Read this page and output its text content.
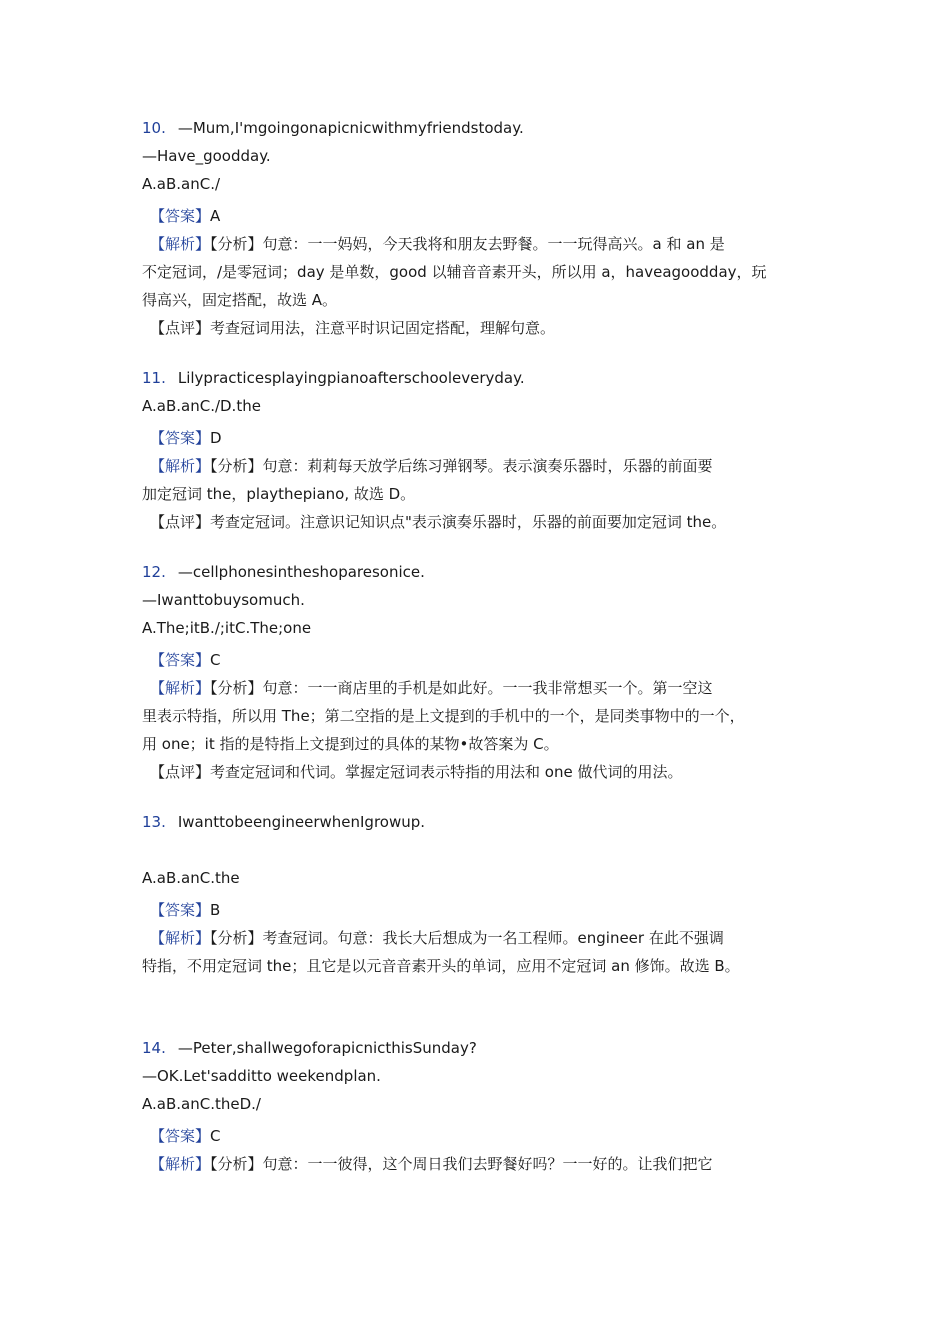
10. —Mum,I'mgoingonapicnicwithmyfriendstoday.
—Have_goodday.
A.aB.anC./
【答案】A
【解析】【分析】句意：一一妈妈，今天我将和朋友去野餐。一一玩得高兴。a 和 an 是
不定冠词，/是零冠词；day 是单数，good 以辅音音素开头，所以用 a，haveagoodday，玩
得高兴，固定搭配，故选 A。
【点评】考查冠词用法，注意平时识记固定搭配，理解句意。
11. Lilypracticesplayingpianoafterschooleveryday.
A.aB.anC./D.the
【答案】D
【解析】【分析】句意：莉莉每天放学后练习弹钢琴。表示演奏乐器时，乐器的前面要
加定冠词 the，playthepiano, 故选 D。
【点评】考查定冠词。注意识记知识点"表示演奏乐器时，乐器的前面要加定冠词 the。
12. —cellphonesintheshoparesonice.
—Iwanttobuysomuch.
A.The;itB./;itC.The;one
【答案】C
【解析】【分析】句意：一一商店里的手机是如此好。一一我非常想买一个。第一空这
里表示特指，所以用 The；第二空指的是上文提到的手机中的一个，是同类事物中的一个，
用 one；it 指的是特指上文提到过的具体的某物•故答案为 C。
【点评】考查定冠词和代词。掌握定冠词表示特指的用法和 one 做代词的用法。
13. IwanttobeengineerwhenIgrowup.
A.aB.anC.the
【答案】B
【解析】【分析】考查冠词。句意：我长大后想成为一名工程师。engineer 在此不强调
特指，不用定冠词 the；且它是以元音音素开头的单词，应用不定冠词 an 修饰。故选 B。
14. —Peter,shallwegoforapicnicthisSunday?
—OK.Let'sadditto weekendplan.
A.aB.anC.theD./
【答案】C
【解析】【分析】句意：一一彼得，这个周日我们去野餐好吗？一一好的。让我们把它
